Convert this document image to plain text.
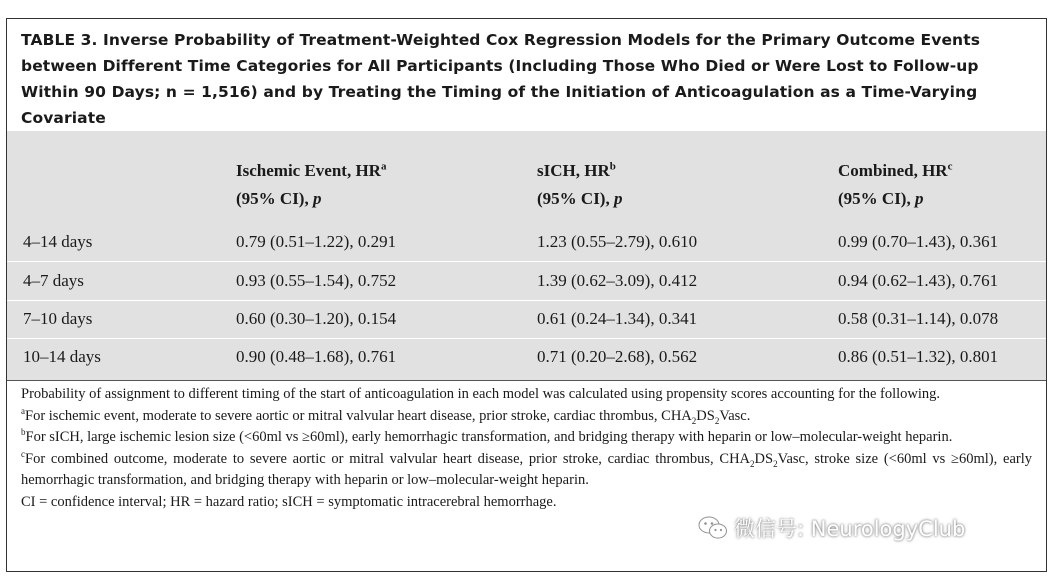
TABLE 3. Inverse Probability of Treatment-Weighted Cox Regression Models for the Primary Outcome Events
between Different Time Categories for All Participants (Including Those Who Died or Were Lost to Follow-up
Within 90 Days; n = 1,516) and by Treating the Timing of the Initiation of Anticoagulation as a Time-Varying
Covariate
Ischemic Event, $HR^a$
(95% CI), p
sICH, $HR^b$
(95% CI), p
Combined, $HR^c$
(95% CI), p
4–14 days	0.79 (0.51–1.22), 0.291	1.23 (0.55–2.79), 0.610	0.99 (0.70–1.43), 0.361
4–7 days	0.93 (0.55–1.54), 0.752	1.39 (0.62–3.09), 0.412	0.94 (0.62–1.43), 0.761
7–10 days	0.60 (0.30–1.20), 0.154	0.61 (0.24–1.34), 0.341	0.58 (0.31–1.14), 0.078
10–14 days	0.90 (0.48–1.68), 0.761	0.71 (0.20–2.68), 0.562	0.86 (0.51–1.32), 0.801

Probability of assignment to different timing of the start of anticoagulation in each model was calculated using propensity scores accounting for the following.

$^a$For ischemic event, moderate to severe aortic or mitral valvular heart disease, prior stroke, cardiac thrombus, $CHA_2DS_2Vasc$.

$^b$For sICH, large ischemic lesion size (<60ml vs ≥60ml), early hemorrhagic transformation, and bridging therapy with heparin or low–molecular-weight heparin.

$^c$For combined outcome, moderate to severe aortic or mitral valvular heart disease, prior stroke, cardiac thrombus, $CHA_2DS_2Vasc$, stroke size (<60ml vs ≥60ml), early hemorrhagic transformation, and bridging therapy with heparin or low–molecular-weight heparin.

CI = confidence interval; HR = hazard ratio; sICH = symptomatic intracerebral hemorrhage.

微信号: NeurologyClub
